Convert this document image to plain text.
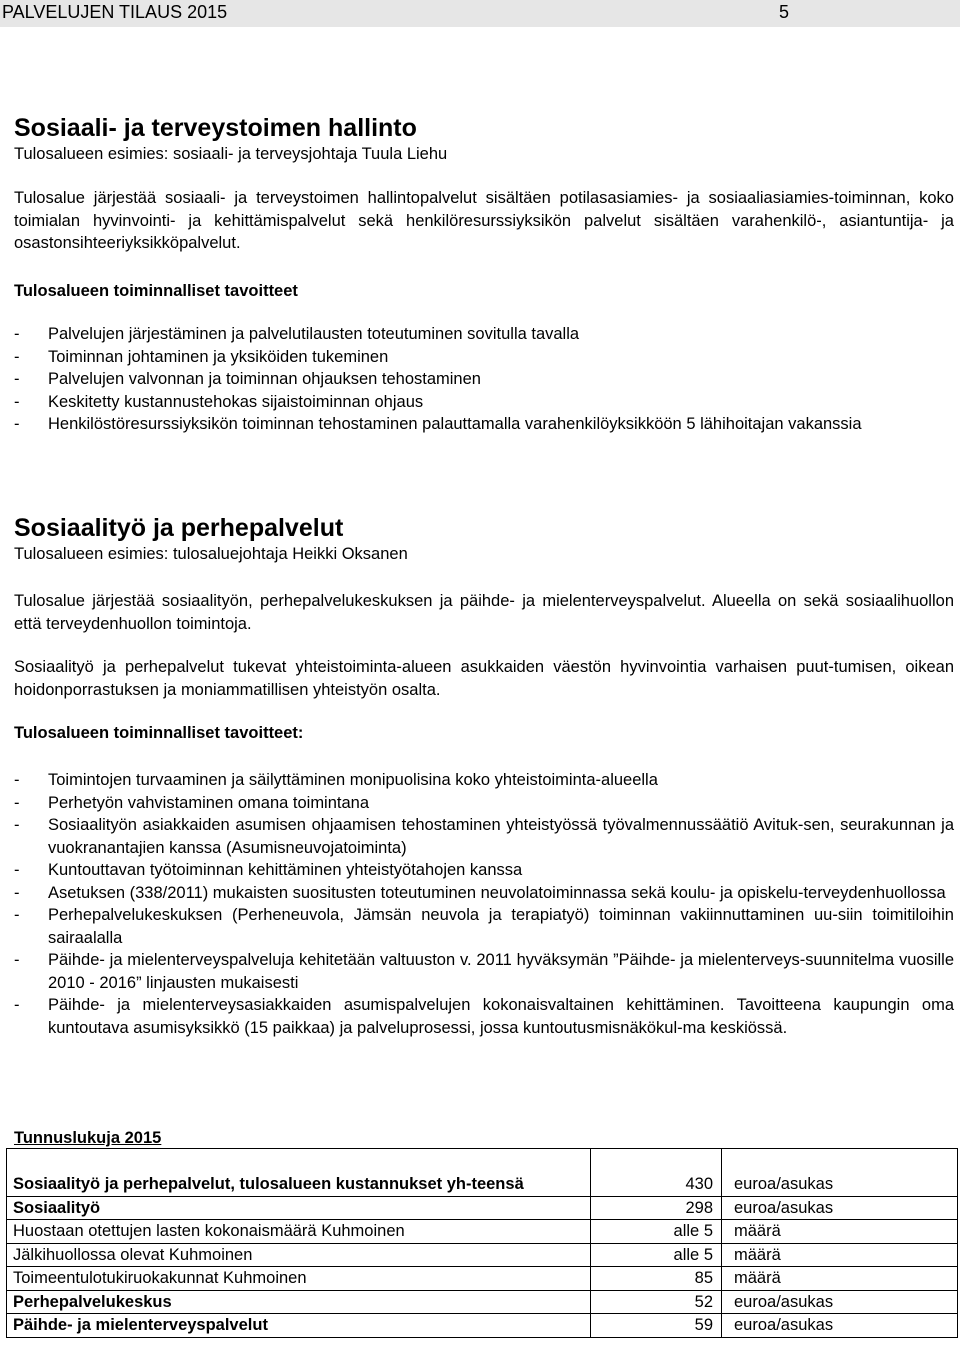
PALVELUJEN TILAUS 2015	5
Sosiaali- ja terveystoimen hallinto
Tulosalueen esimies: sosiaali- ja terveysjohtaja Tuula Liehu
Tulosalue järjestää sosiaali- ja terveystoimen hallintopalvelut sisältäen potilasasiamies- ja sosiaaliasiamies-toiminnan, koko toimialan hyvinvointi- ja kehittämispalvelut sekä henkilöresurssiyksikön palvelut sisältäen varahenkilö-, asiantuntija- ja osastonsihteeriyksikköpalvelut.
Tulosalueen toiminnalliset tavoitteet
- Palvelujen järjestäminen ja palvelutilausten toteutuminen sovitulla tavalla
- Toiminnan johtaminen ja yksiköiden tukeminen
- Palvelujen valvonnan ja toiminnan ohjauksen tehostaminen
- Keskitetty kustannustehokas sijaistoiminnan ohjaus
- Henkilöstöresurssiyksikön toiminnan tehostaminen palauttamalla varahenkilöyksikköön 5 lähihoitajan vakanssia
Sosiaalityö ja perhepalvelut
Tulosalueen esimies: tulosaluejohtaja Heikki Oksanen
Tulosalue järjestää sosiaalityön, perhepalvelukeskuksen ja päihde- ja mielenterveyspalvelut. Alueella on sekä sosiaalihuollon että terveydenhuollon toimintoja.
Sosiaalityö ja perhepalvelut tukevat yhteistoiminta-alueen asukkaiden väestön hyvinvointia varhaisen puut-tumisen, oikean hoidonporrastuksen ja moniammatillisen yhteistyön osalta.
Tulosalueen toiminnalliset tavoitteet:
- Toimintojen turvaaminen ja säilyttäminen monipuolisina koko yhteistoiminta-alueella
- Perhetyön vahvistaminen omana toimintana
- Sosiaalityön asiakkaiden asumisen ohjaamisen tehostaminen yhteistyössä työvalmennussäätiö Avituk-sen, seurakunnan ja vuokranantajien kanssa (Asumisneuvojatoiminta)
- Kuntouttavan työtoiminnan kehittäminen yhteistyötahojen kanssa
- Asetuksen (338/2011) mukaisten suositusten toteutuminen neuvolatoiminnassa sekä koulu- ja opiskelu-terveydenhuollossa
- Perhepalvelukeskuksen (Perheneuvola, Jämsän neuvola ja terapiatyö) toiminnan vakiinnuttaminen uu-siin toimitiloihin sairaalalla
- Päihde- ja mielenterveyspalveluja kehitetään valtuuston v. 2011 hyväksymän ”Päihde- ja mielenterveys-suunnitelma vuosille 2010 - 2016” linjausten mukaisesti
- Päihde- ja mielenterveysasiakkaiden asumispalvelujen kokonaisvaltainen kehittäminen. Tavoitteena kaupungin oma kuntoutava asumisyksikkö (15 paikkaa) ja palveluprosessi, jossa kuntoutusmisnäkökul-ma keskiössä.
Tunnuslukuja 2015
Sosiaalityö ja perhepalvelut, tulosalueen kustannukset yh-teensä	430	euroa/asukas
Sosiaalityö	298	euroa/asukas
Huostaan otettujen lasten kokonaismäärä Kuhmoinen	alle 5	määrä
Jälkihuollossa olevat Kuhmoinen	alle 5	määrä
Toimeentulotukiruokakunnat Kuhmoinen	85	määrä
Perhepalvelukeskus	52	euroa/asukas
Päihde- ja mielenterveyspalvelut	59	euroa/asukas
